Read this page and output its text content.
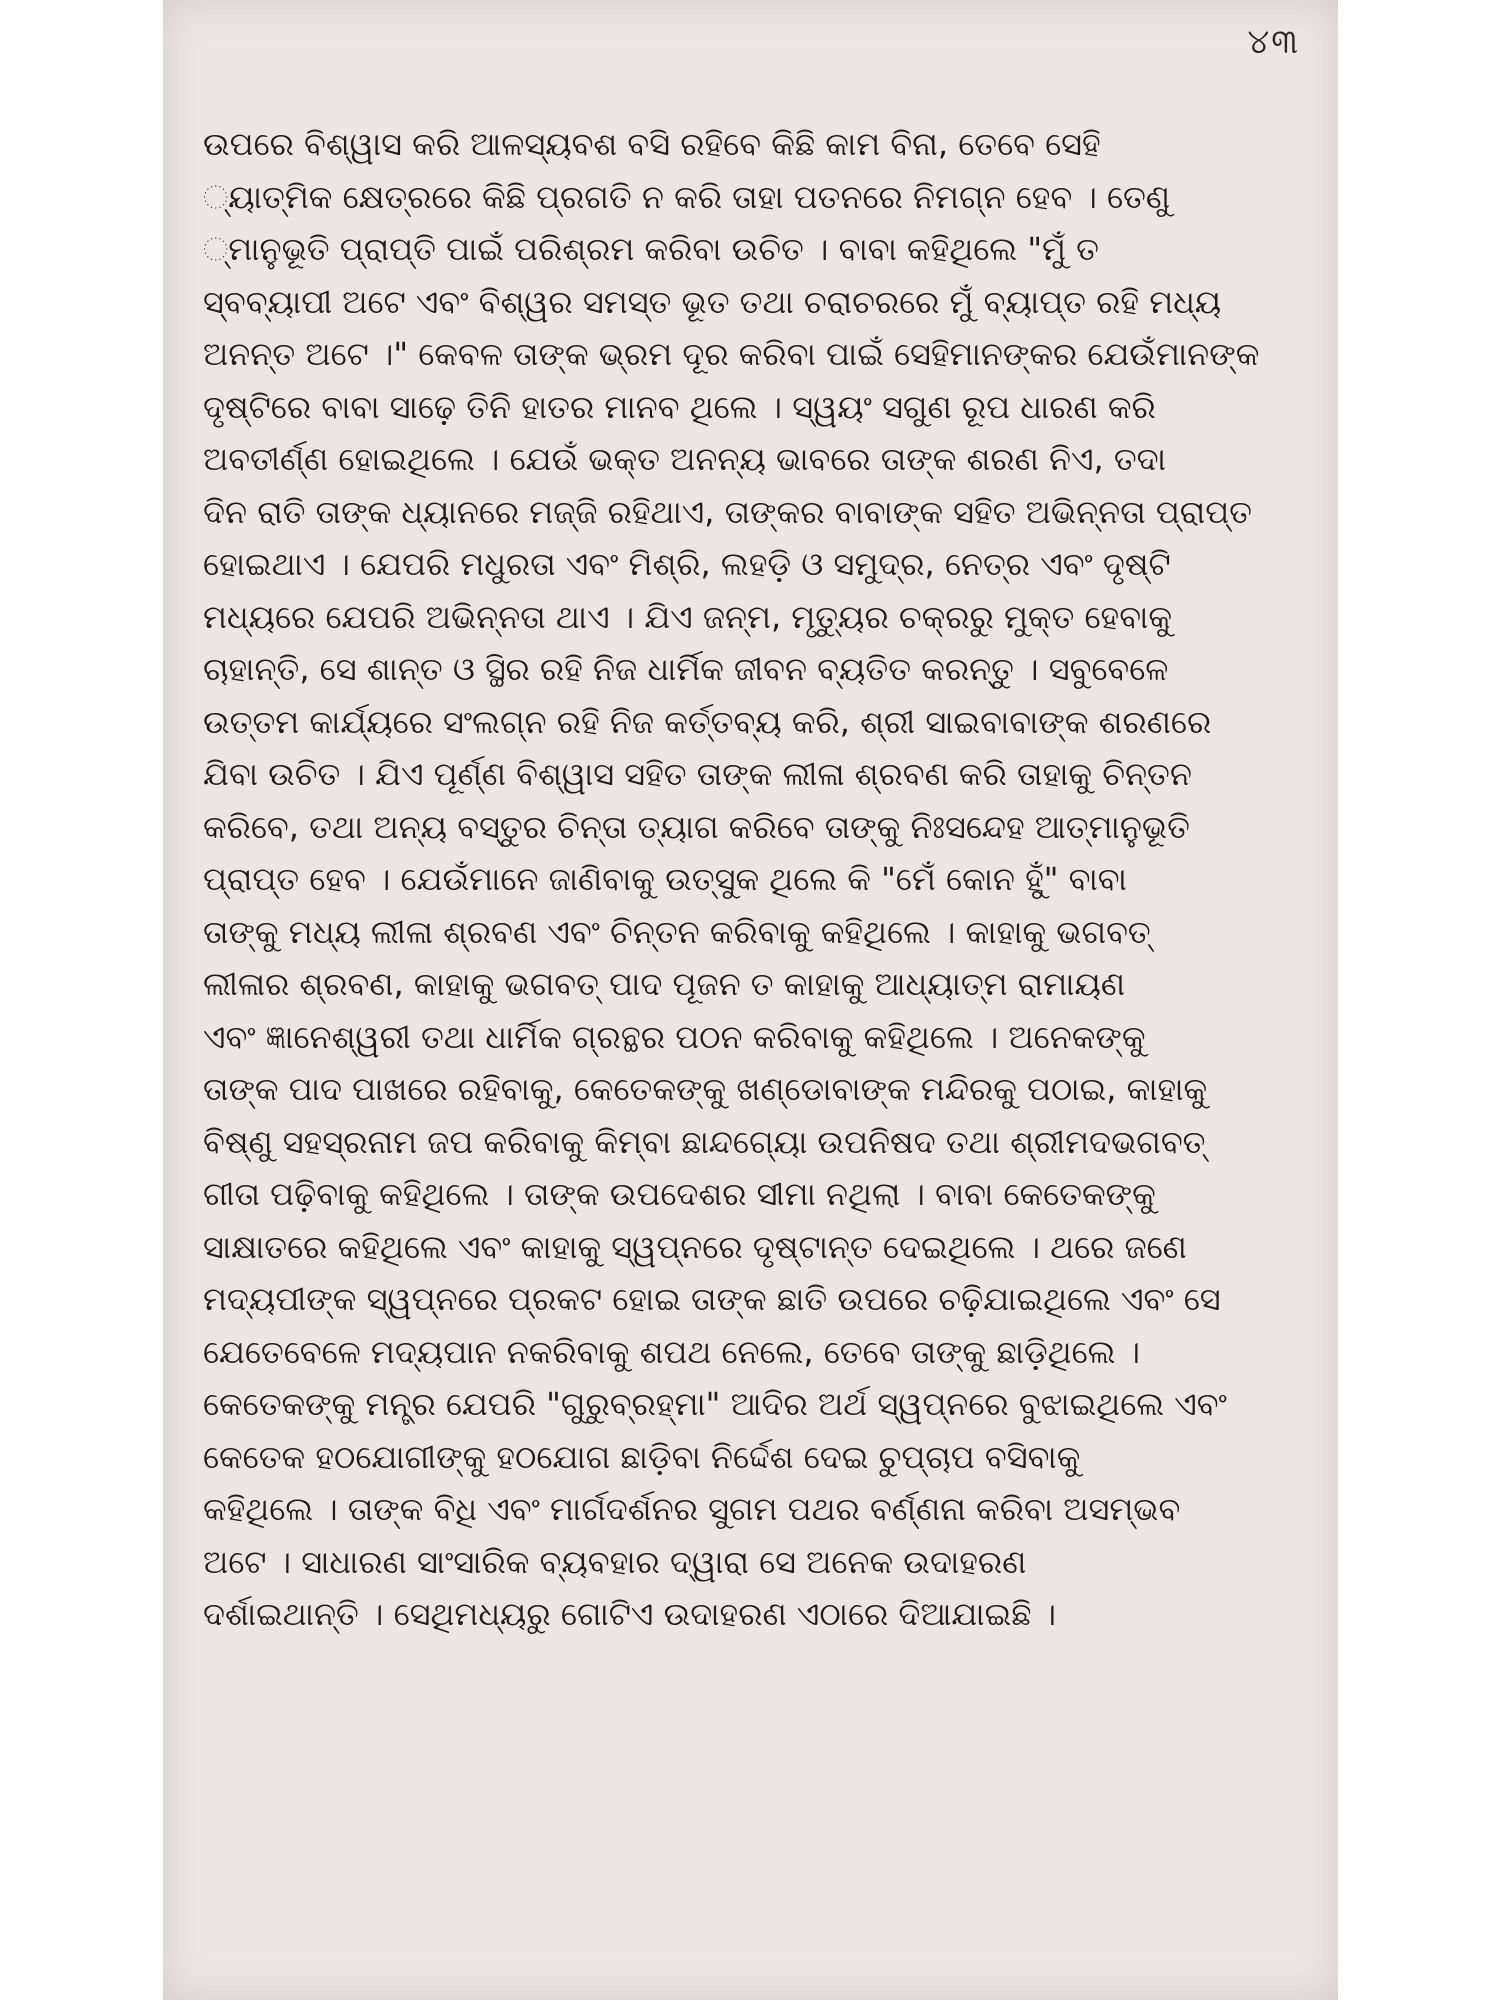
୪୩

ଉପରେ ବିଶ୍ୱାସ କରି ଆଳସ୍ୟବଶ ବସି ରହିବେ କିଛି କାମ ବିନା, ତେବେ ସେହି
୍ୟାତ୍ମିକ କ୍ଷେତ୍ରରେ କିଛି ପ୍ରଗତି ନ କରି ତାହା ପତନରେ ନିମଗ୍ନ ହେବ । ତେଣୁ
୍ମାନୁଭୂତି ପ୍ରାପ୍ତି ପାଇଁ ପରିଶ୍ରମ କରିବା ଉଚିତ । ବାବା କହିଥିଲେ "ମୁଁ ତ
ସ୍ବବ୍ୟାପୀ ଅଟେ ଏବଂ ବିଶ୍ୱର ସମସ୍ତ ଭୂତ ତଥା ଚରାଚରରେ ମୁଁ ବ୍ୟାପ୍ତ ରହି ମଧ୍ୟ
ଅନନ୍ତ ଅଟେ ।" କେବଳ ତାଙ୍କ ଭ୍ରମ ଦୂର କରିବା ପାଇଁ ସେହିମାନଙ୍କର ଯେଉଁମାନଙ୍କ
ଦୃଷ୍ଟିରେ ବାବା ସାଢ଼େ ତିନି ହାତର ମାନବ ଥିଲେ । ସ୍ୱୟଂ ସଗୁଣ ରୂପ ଧାରଣ କରି
ଅବତୀର୍ଣ୍ଣ ହୋଇଥିଲେ । ଯେଉଁ ଭକ୍ତ ଅନନ୍ୟ ଭାବରେ ତାଙ୍କ ଶରଣ ନିଏ, ତଦା
ଦିନ ରାତି ତାଙ୍କ ଧ୍ୟାନରେ ମଜ୍ଜି ରହିଥାଏ, ତାଙ୍କର ବାବାଙ୍କ ସହିତ ଅଭିନ୍ନତା ପ୍ରାପ୍ତ
ହୋଇଥାଏ । ଯେପରି ମଧୁରତା ଏବଂ ମିଶ୍ରି, ଲହଡ଼ି ଓ ସମୁଦ୍ର, ନେତ୍ର ଏବଂ ଦୃଷ୍ଟି
ମଧ୍ୟରେ ଯେପରି ଅଭିନ୍ନତା ଥାଏ । ଯିଏ ଜନ୍ମ, ମୃତ୍ୟୁର ଚକ୍ରରୁ ମୁକ୍ତ ହେବାକୁ
ଚାହାନ୍ତି, ସେ ଶାନ୍ତ ଓ ସ୍ଥିର ରହି ନିଜ ଧାର୍ମିକ ଜୀବନ ବ୍ୟତିତ କରନ୍ତୁ । ସବୁବେଳେ
ଉତ୍ତମ କାର୍ଯ୍ୟରେ ସଂଲଗ୍ନ ରହି ନିଜ କର୍ତ୍ତବ୍ୟ କରି, ଶ୍ରୀ ସାଇବାବାଙ୍କ ଶରଣରେ
ଯିବା ଉଚିତ । ଯିଏ ପୂର୍ଣ୍ଣ ବିଶ୍ୱାସ ସହିତ ତାଙ୍କ ଲୀଳା ଶ୍ରବଣ କରି ତାହାକୁ ଚିନ୍ତନ
କରିବେ, ତଥା ଅନ୍ୟ ବସ୍ତୁର ଚିନ୍ତା ତ୍ୟାଗ କରିବେ ତାଙ୍କୁ ନିଃସନ୍ଦେହ ଆତ୍ମାନୁଭୂତି
ପ୍ରାପ୍ତ ହେବ । ଯେଉଁମାନେ ଜାଣିବାକୁ ଉତ୍ସୁକ ଥିଲେ କି "ମେଁ କୋନ ହୁଁ" ବାବା
ତାଙ୍କୁ ମଧ୍ୟ ଲୀଳା ଶ୍ରବଣ ଏବଂ ଚିନ୍ତନ କରିବାକୁ କହିଥିଲେ । କାହାକୁ ଭଗବତ୍
ଲୀଳାର ଶ୍ରବଣ, କାହାକୁ ଭଗବତ୍ ପାଦ ପୂଜନ ତ କାହାକୁ ଆଧ୍ୟାତ୍ମ ରାମାୟଣ
ଏବଂ ଜ୍ଞାନେଶ୍ୱରୀ ତଥା ଧାର୍ମିକ ଗ୍ରନ୍ଥର ପଠନ କରିବାକୁ କହିଥିଲେ । ଅନେକଙ୍କୁ
ତାଙ୍କ ପାଦ ପାଖରେ ରହିବାକୁ, କେତେକଙ୍କୁ ଖଣ୍ଡୋବାଙ୍କ ମନ୍ଦିରକୁ ପଠାଇ, କାହାକୁ
ବିଷ୍ଣୁ ସହସ୍ରନାମ ଜପ କରିବାକୁ କିମ୍ବା ଛାନ୍ଦଗ୍ୟୋ ଉପନିଷଦ ତଥା ଶ୍ରୀମଦଭଗବତ୍
ଗୀତା ପଢ଼ିବାକୁ କହିଥିଲେ । ତାଙ୍କ ଉପଦେଶର ସୀମା ନଥିଲା । ବାବା କେତେକଙ୍କୁ
ସାକ୍ଷାତରେ କହିଥିଲେ ଏବଂ କାହାକୁ ସ୍ୱପ୍ନରେ ଦୃଷ୍ଟାନ୍ତ ଦେଇଥିଲେ । ଥରେ ଜଣେ
ମଦ୍ୟପୀଙ୍କ ସ୍ୱପ୍ନରେ ପ୍ରକଟ ହୋଇ ତାଙ୍କ ଛାତି ଉପରେ ଚଢ଼ିଯାଇଥିଲେ ଏବଂ ସେ
ଯେତେବେଳେ ମଦ୍ୟପାନ ନକରିବାକୁ ଶପଥ ନେଲେ, ତେବେ ତାଙ୍କୁ ଛାଡ଼ିଥିଲେ ।
କେତେକଙ୍କୁ ମନ୍ତ୍ର ଯେପରି "ଗୁରୁବ୍ରହ୍ମା" ଆଦିର ଅର୍ଥ ସ୍ୱପ୍ନରେ ବୁଝାଇଥିଲେ ଏବଂ
କେତେକ ହଠଯୋଗୀଙ୍କୁ ହଠଯୋଗ ଛାଡ଼ିବା ନିର୍ଦ୍ଦେଶ ଦେଇ ଚୁପ୍‌ଚାପ ବସିବାକୁ
କହିଥିଲେ । ତାଙ୍କ ବିଧି ଏବଂ ମାର୍ଗଦର୍ଶନର ସୁଗମ ପଥର ବର୍ଣ୍ଣନା କରିବା ଅସମ୍ଭବ
ଅଟେ । ସାଧାରଣ ସାଂସାରିକ ବ୍ୟବହାର ଦ୍ୱାରା ସେ ଅନେକ ଉଦାହରଣ
ଦର୍ଶାଇଥାନ୍ତି । ସେଥିମଧ୍ୟରୁ ଗୋଟିଏ ଉଦାହରଣ ଏଠାରେ ଦିଆଯାଇଛି ।
